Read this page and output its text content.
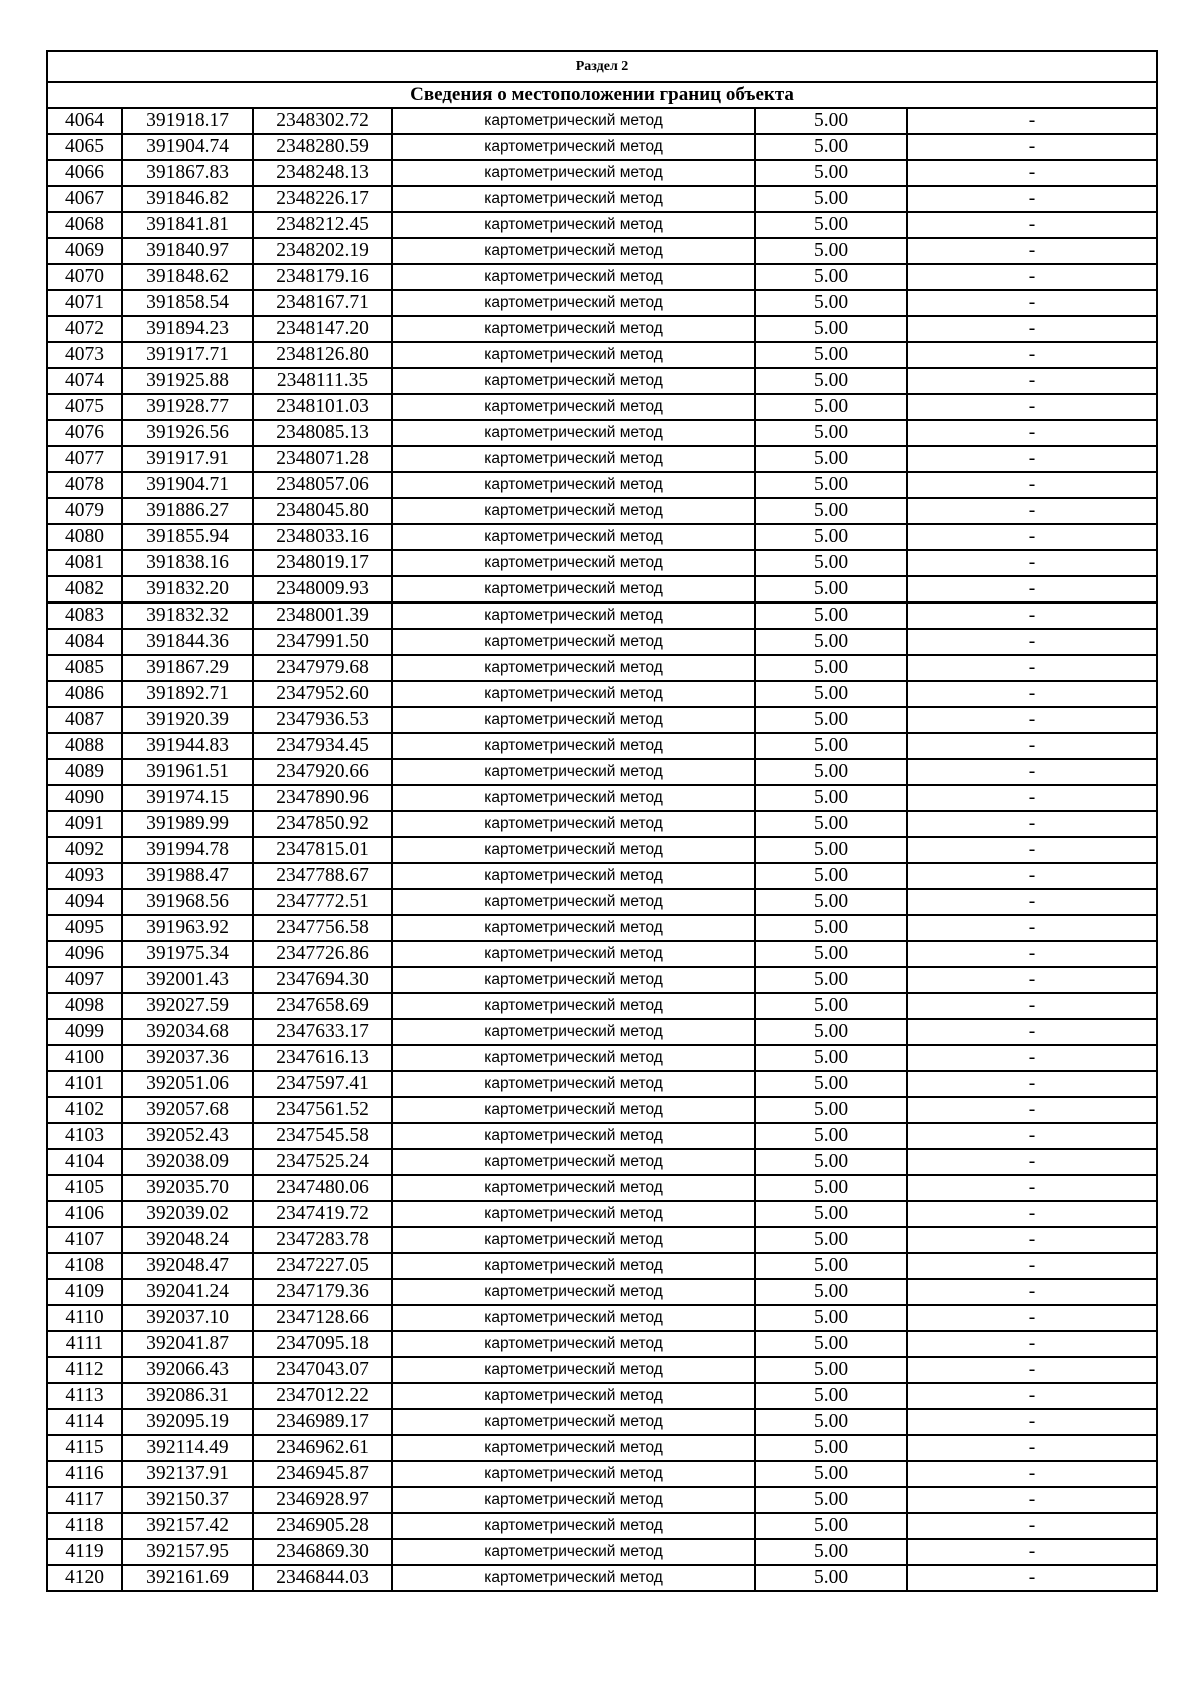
Раздел 2					
Сведения о местоположении границ объекта					
4064	391918.17	2348302.72	картометрический метод	5.00	-
4065	391904.74	2348280.59	картометрический метод	5.00	-
4066	391867.83	2348248.13	картометрический метод	5.00	-
4067	391846.82	2348226.17	картометрический метод	5.00	-
4068	391841.81	2348212.45	картометрический метод	5.00	-
4069	391840.97	2348202.19	картометрический метод	5.00	-
4070	391848.62	2348179.16	картометрический метод	5.00	-
4071	391858.54	2348167.71	картометрический метод	5.00	-
4072	391894.23	2348147.20	картометрический метод	5.00	-
4073	391917.71	2348126.80	картометрический метод	5.00	-
4074	391925.88	2348111.35	картометрический метод	5.00	-
4075	391928.77	2348101.03	картометрический метод	5.00	-
4076	391926.56	2348085.13	картометрический метод	5.00	-
4077	391917.91	2348071.28	картометрический метод	5.00	-
4078	391904.71	2348057.06	картометрический метод	5.00	-
4079	391886.27	2348045.80	картометрический метод	5.00	-
4080	391855.94	2348033.16	картометрический метод	5.00	-
4081	391838.16	2348019.17	картометрический метод	5.00	-
4082	391832.20	2348009.93	картометрический метод	5.00	-
4083	391832.32	2348001.39	картометрический метод	5.00	-
4084	391844.36	2347991.50	картометрический метод	5.00	-
4085	391867.29	2347979.68	картометрический метод	5.00	-
4086	391892.71	2347952.60	картометрический метод	5.00	-
4087	391920.39	2347936.53	картометрический метод	5.00	-
4088	391944.83	2347934.45	картометрический метод	5.00	-
4089	391961.51	2347920.66	картометрический метод	5.00	-
4090	391974.15	2347890.96	картометрический метод	5.00	-
4091	391989.99	2347850.92	картометрический метод	5.00	-
4092	391994.78	2347815.01	картометрический метод	5.00	-
4093	391988.47	2347788.67	картометрический метод	5.00	-
4094	391968.56	2347772.51	картометрический метод	5.00	-
4095	391963.92	2347756.58	картометрический метод	5.00	-
4096	391975.34	2347726.86	картометрический метод	5.00	-
4097	392001.43	2347694.30	картометрический метод	5.00	-
4098	392027.59	2347658.69	картометрический метод	5.00	-
4099	392034.68	2347633.17	картометрический метод	5.00	-
4100	392037.36	2347616.13	картометрический метод	5.00	-
4101	392051.06	2347597.41	картометрический метод	5.00	-
4102	392057.68	2347561.52	картометрический метод	5.00	-
4103	392052.43	2347545.58	картометрический метод	5.00	-
4104	392038.09	2347525.24	картометрический метод	5.00	-
4105	392035.70	2347480.06	картометрический метод	5.00	-
4106	392039.02	2347419.72	картометрический метод	5.00	-
4107	392048.24	2347283.78	картометрический метод	5.00	-
4108	392048.47	2347227.05	картометрический метод	5.00	-
4109	392041.24	2347179.36	картометрический метод	5.00	-
4110	392037.10	2347128.66	картометрический метод	5.00	-
4111	392041.87	2347095.18	картометрический метод	5.00	-
4112	392066.43	2347043.07	картометрический метод	5.00	-
4113	392086.31	2347012.22	картометрический метод	5.00	-
4114	392095.19	2346989.17	картометрический метод	5.00	-
4115	392114.49	2346962.61	картометрический метод	5.00	-
4116	392137.91	2346945.87	картометрический метод	5.00	-
4117	392150.37	2346928.97	картометрический метод	5.00	-
4118	392157.42	2346905.28	картометрический метод	5.00	-
4119	392157.95	2346869.30	картометрический метод	5.00	-
4120	392161.69	2346844.03	картометрический метод	5.00	-
